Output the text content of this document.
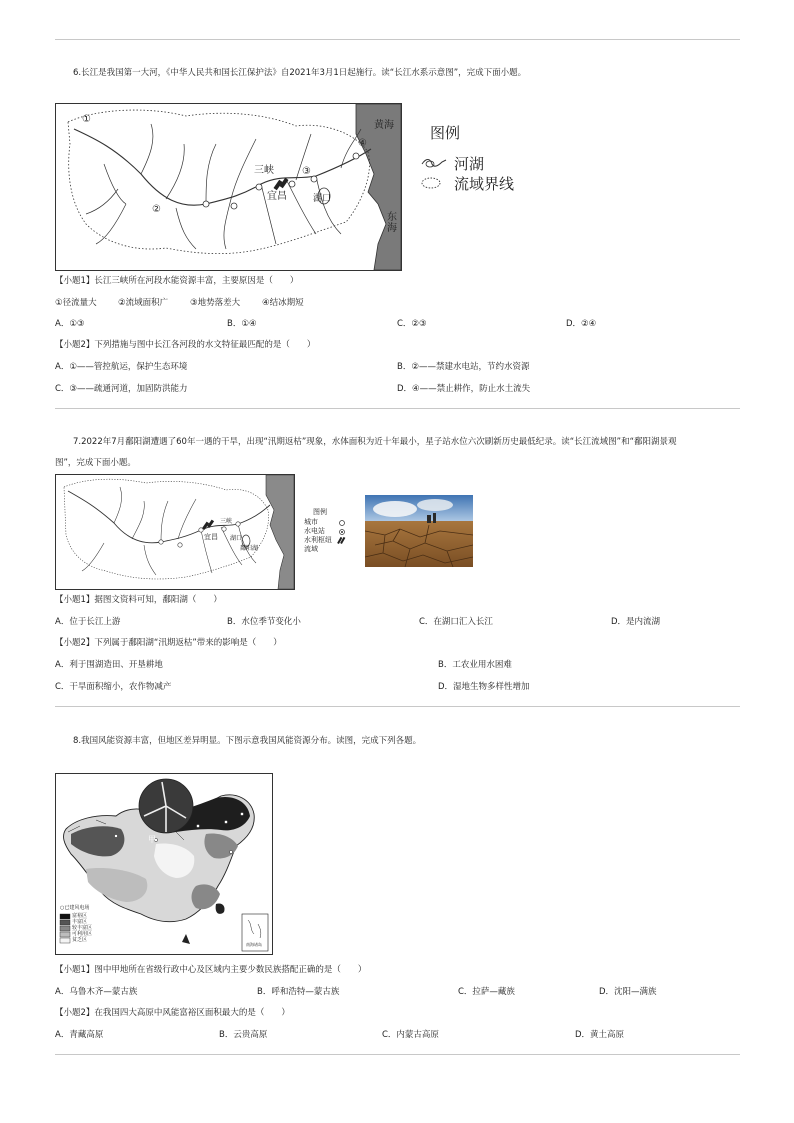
6.长江是我国第一大河，《中华人民共和国长江保护法》自2021年3月1日起施行。读“长江水系示意图”，完成下面小题。
①
②
③
④
三峡
宜昌	湖口
黄海
东海
图例
河湖
流域界线
【小题1】长江三峡所在河段水能资源丰富，主要原因是（　　）
①径流量大	②流域面积广	③地势落差大	④结冰期短
A．①③	B．①④	C．②③	D．②④
【小题2】下列措施与图中长江各河段的水文特征最匹配的是（　　）
A．①——管控航运，保护生态环境	B．②——禁建水电站，节约水资源
C．③——疏通河道，加固防洪能力	D．④——禁止耕作，防止水土流失
7.2022年7月鄱阳湖遭遇了60年一遇的干旱，出现“汛期返枯”现象，水体面积为近十年最小，星子站水位六次刷新历史最低纪录。读“长江流域图”和“鄱阳湖景观
图”，完成下面小题。
三峡
宜昌 湖口
鄱阳湖
图例
城市
水电站
水利枢纽
流域
【小题1】据图文资料可知，鄱阳湖（　　）
A．位于长江上游	B．水位季节变化小	C．在湖口汇入长江	D．是内流湖
【小题2】下列属于鄱阳湖“汛期返枯”带来的影响是（　　）
A．利于围湖造田、开垦耕地	B．工农业用水困难
C．干旱面积缩小，农作物减产	D．湿地生物多样性增加
8.我国风能资源丰富，但地区差异明显。下图示意我国风能资源分布。读图，完成下列各题。
甲
○已建风电场
富裕区
丰富区
较丰富区
可利用区
贫乏区
南海诸岛
【小题1】图中甲地所在省级行政中心及区域内主要少数民族搭配正确的是（　　）
A．乌鲁木齐—蒙古族	B．呼和浩特—蒙古族	C．拉萨—藏族	D．沈阳—满族
【小题2】在我国四大高原中风能富裕区面积最大的是（　　）
A．青藏高原	B．云贵高原	C．内蒙古高原	D．黄土高原
